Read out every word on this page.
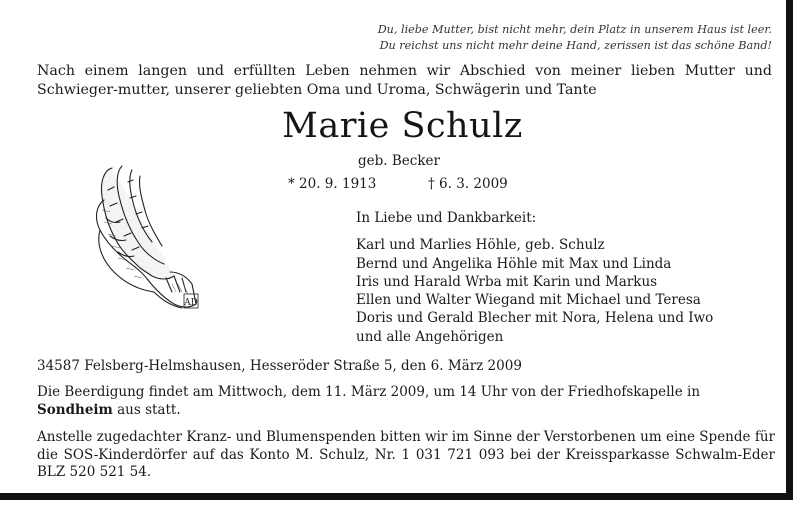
Du, liebe Mutter, bist nicht mehr, dein Platz in unserem Haus ist leer.
Du reichst uns nicht mehr deine Hand, zerissen ist das schöne Band!
Nach einem langen und erfüllten Leben nehmen wir Abschied von meiner lieben Mutter und Schwieger-mutter, unserer geliebten Oma und Uroma, Schwägerin und Tante
Marie Schulz
geb. Becker
* 20. 9. 1913	† 6. 3. 2009
AD
In Liebe und Dankbarkeit:
Karl und Marlies Höhle, geb. Schulz
Bernd und Angelika Höhle mit Max und Linda
Iris und Harald Wrba mit Karin und Markus
Ellen und Walter Wiegand mit Michael und Teresa
Doris und Gerald Blecher mit Nora, Helena und Iwo
und alle Angehörigen
34587 Felsberg-Helmshausen, Hesseröder Straße 5, den 6. März 2009
Die Beerdigung findet am Mittwoch, dem 11. März 2009, um 14 Uhr von der Friedhofskapelle in Sondheim aus statt.
Anstelle zugedachter Kranz- und Blumenspenden bitten wir im Sinne der Verstorbenen um eine Spende für die SOS-Kinderdörfer auf das Konto M. Schulz, Nr. 1 031 721 093 bei der Kreissparkasse Schwalm-Eder BLZ 520 521 54.
